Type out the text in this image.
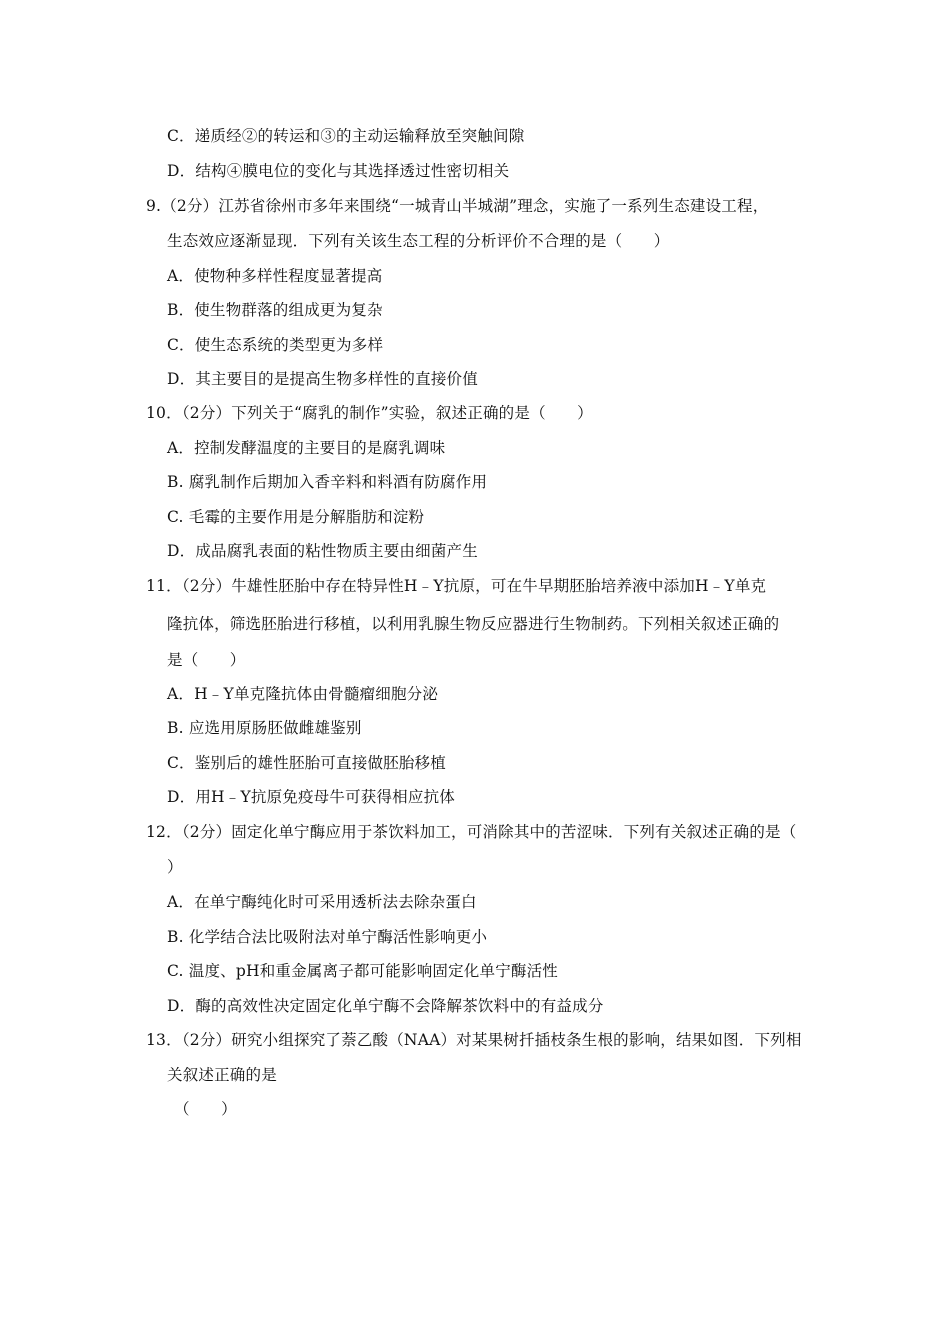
C．递质经②的转运和③的主动运输释放至突触间隙
D．结构④膜电位的变化与其选择透过性密切相关
9.（2分）江苏省徐州市多年来围绕“一城青山半城湖”理念，实施了一系列生态建设工程，
生态效应逐渐显现．下列有关该生态工程的分析评价不合理的是（　　）
A．使物种多样性程度显著提高
B．使生物群落的组成更为复杂
C．使生态系统的类型更为多样
D．其主要目的是提高生物多样性的直接价值
10．（2分）下列关于“腐乳的制作”实验，叙述正确的是（　　）
A．控制发酵温度的主要目的是腐乳调味
B. 腐乳制作后期加入香辛料和料酒有防腐作用
C. 毛霉的主要作用是分解脂肪和淀粉
D．成品腐乳表面的粘性物质主要由细菌产生
11．（2分）牛雄性胚胎中存在特异性H﹣Y抗原，可在牛早期胚胎培养液中添加H﹣Y单克
隆抗体，筛选胚胎进行移植，以利用乳腺生物反应器进行生物制药。下列相关叙述正确的
是（　　）
A．H﹣Y单克隆抗体由骨髓瘤细胞分泌
B. 应选用原肠胚做雌雄鉴别
C．鉴别后的雄性胚胎可直接做胚胎移植
D．用H﹣Y抗原免疫母牛可获得相应抗体
12．（2分）固定化单宁酶应用于茶饮料加工，可消除其中的苦涩味．下列有关叙述正确的是（
）
A．在单宁酶纯化时可采用透析法去除杂蛋白
B. 化学结合法比吸附法对单宁酶活性影响更小
C. 温度、pH和重金属离子都可能影响固定化单宁酶活性
D．酶的高效性决定固定化单宁酶不会降解茶饮料中的有益成分
13．（2分）研究小组探究了萘乙酸（NAA）对某果树扦插枝条生根的影响，结果如图．下列相
关叙述正确的是
（　　）
